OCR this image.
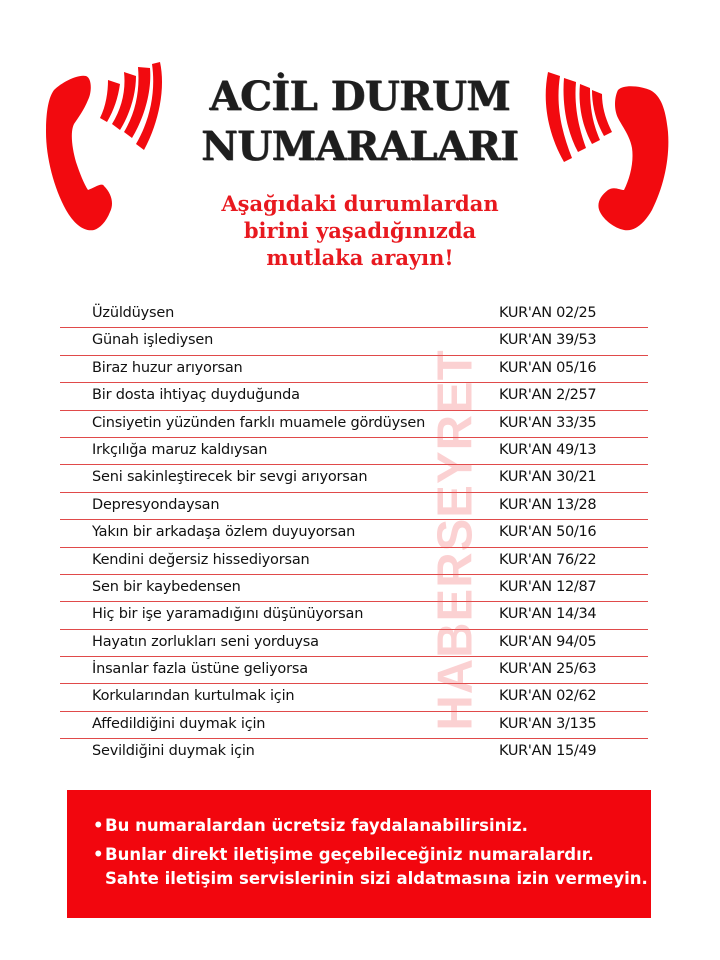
ACİL DURUM
NUMARALARI
Aşağıdaki durumlardan
birini yaşadığınızda
mutlaka arayın!
Üzüldüysen	KUR'AN 02/25
Günah işlediysen	KUR'AN 39/53
Biraz huzur arıyorsan	KUR'AN 05/16
Bir dosta ihtiyaç duyduğunda	KUR'AN 2/257
Cinsiyetin yüzünden farklı muamele gördüysen	KUR'AN 33/35
Irkçılığa maruz kaldıysan	KUR'AN 49/13
Seni sakinleştirecek bir sevgi arıyorsan	KUR'AN 30/21
Depresyondaysan	KUR'AN 13/28
Yakın bir arkadaşa özlem duyuyorsan	KUR'AN 50/16
Kendini değersiz hissediyorsan	KUR'AN 76/22
Sen bir kaybedensen	KUR'AN 12/87
Hiç bir işe yaramadığını düşünüyorsan	KUR'AN 14/34
Hayatın zorlukları seni yorduysa	KUR'AN 94/05
İnsanlar fazla üstüne geliyorsa	KUR'AN 25/63
Korkularından kurtulmak için	KUR'AN 02/62
Affedildiğini duymak için	KUR'AN 3/135
Sevildiğini duymak için	KUR'AN 15/49
HABERSEYRET
• Bu numaralardan ücretsiz faydalanabilirsiniz.
• Bunlar direkt iletişime geçebileceğiniz numaralardır.
Sahte iletişim servislerinin sizi aldatmasına izin vermeyin.
